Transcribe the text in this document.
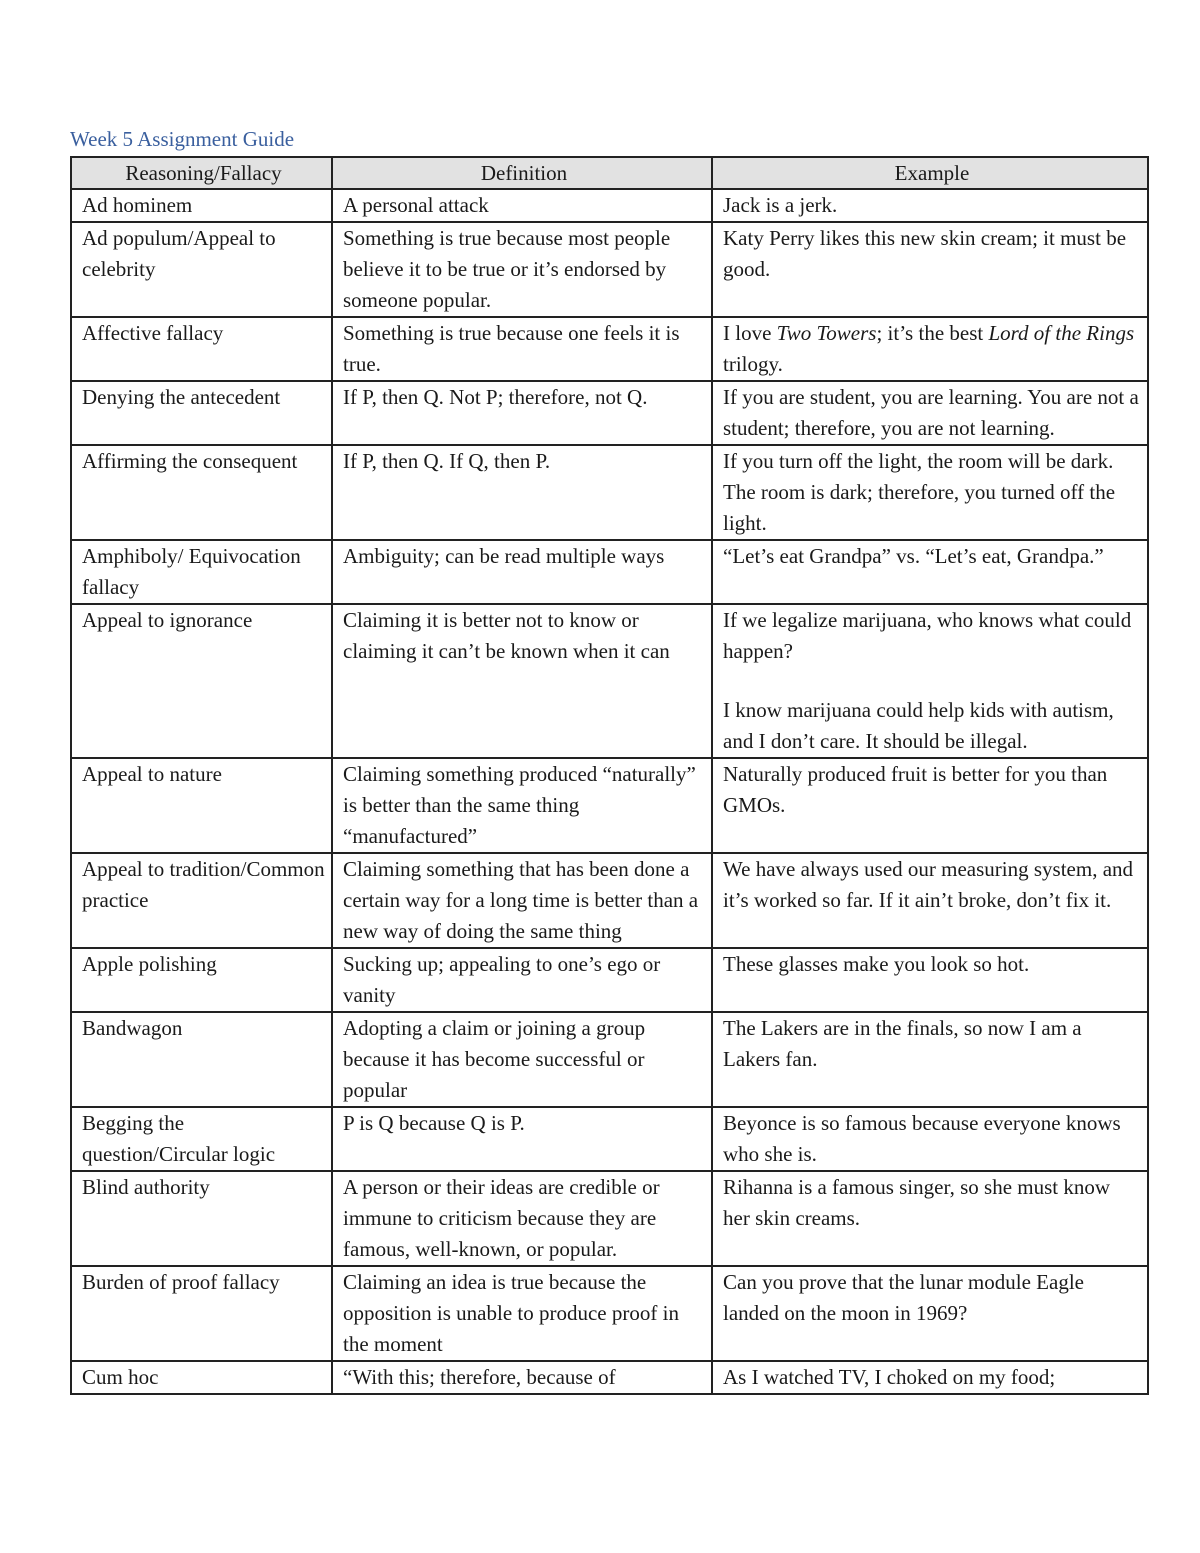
Week 5 Assignment Guide
Reasoning/Fallacy	Definition	Example
Ad hominem	A personal attack	Jack is a jerk.
Ad populum/Appeal to celebrity	Something is true because most people believe it to be true or it’s endorsed by someone popular.	Katy Perry likes this new skin cream; it must be good.
Affective fallacy	Something is true because one feels it is true.	I love Two Towers; it’s the best Lord of the Rings trilogy.
Denying the antecedent	If P, then Q. Not P; therefore, not Q.	If you are student, you are learning. You are not a student; therefore, you are not learning.
Affirming the consequent	If P, then Q. If Q, then P.	If you turn off the light, the room will be dark. The room is dark; therefore, you turned off the light.
Amphiboly/ Equivocation fallacy	Ambiguity; can be read multiple ways	“Let’s eat Grandpa” vs. “Let’s eat, Grandpa.”
Appeal to ignorance	Claiming it is better not to know or claiming it can’t be known when it can	If we legalize marijuana, who knows what could happen?
I know marijuana could help kids with autism, and I don’t care. It should be illegal.

Appeal to nature	Claiming something produced “naturally” is better than the same thing “manufactured”	Naturally produced fruit is better for you than GMOs.
Appeal to tradition/Common practice	Claiming something that has been done a certain way for a long time is better than a new way of doing the same thing	We have always used our measuring system, and it’s worked so far. If it ain’t broke, don’t fix it.
Apple polishing	Sucking up; appealing to one’s ego or vanity	These glasses make you look so hot.
Bandwagon	Adopting a claim or joining a group because it has become successful or popular	The Lakers are in the finals, so now I am a Lakers fan.
Begging the question/Circular logic	P is Q because Q is P.	Beyonce is so famous because everyone knows who she is.
Blind authority	A person or their ideas are credible or immune to criticism because they are famous, well-known, or popular.	Rihanna is a famous singer, so she must know her skin creams.
Burden of proof fallacy	Claiming an idea is true because the opposition is unable to produce proof in the moment	Can you prove that the lunar module Eagle landed on the moon in 1969?
Cum hoc	“With this; therefore, because of	As I watched TV, I choked on my food;
